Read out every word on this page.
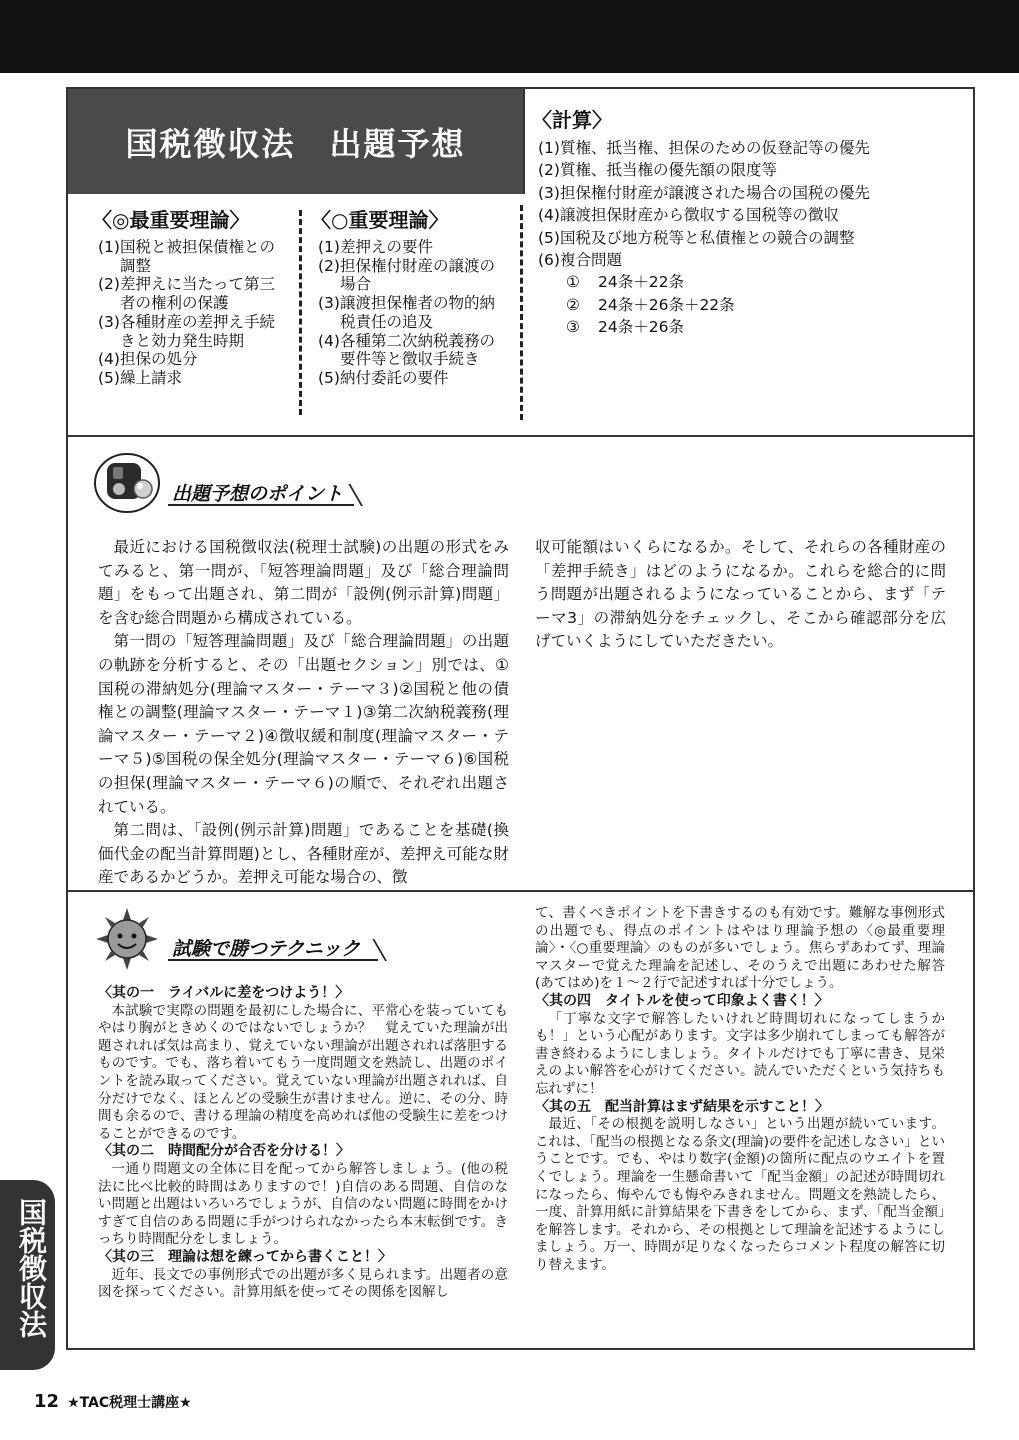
国税徴収法　出題予想
〈◎最重要理論〉
(1) 国税と被担保債権との調整
(2) 差押えに当たって第三者の権利の保護
(3) 各種財産の差押え手続きと効力発生時期
(4) 担保の処分
(5) 繰上請求
〈○重要理論〉
(1) 差押えの要件
(2) 担保権付財産の譲渡の場合
(3) 譲渡担保権者の物的納税責任の追及
(4) 各種第二次納税義務の要件等と徴収手続き
(5) 納付委託の要件
〈計算〉
(1)質権、抵当権、担保のための仮登記等の優先
(2)質権、抵当権の優先額の限度等
(3)担保権付財産が譲渡された場合の国税の優先
(4)譲渡担保財産から徴収する国税等の徴収
(5)国税及び地方税等と私債権との競合の調整
(6)複合問題
① 24条＋22条
② 24条＋26条＋22条
③ 24条＋26条
出題予想のポイント

最近における国税徴収法(税理士試験)の出題の形式をみてみると、第一問が、「短答理論問題」及び「総合理論問題」をもって出題され、第二問が「設例(例示計算)問題」を含む総合問題から構成されている。

第一問の「短答理論問題」及び「総合理論問題」の出題の軌跡を分析すると、その「出題セクション」別では、①国税の滞納処分(理論マスター・テーマ３)②国税と他の債権との調整(理論マスター・テーマ１)③第二次納税義務(理論マスター・テーマ２)④徴収緩和制度(理論マスター・テーマ５)⑤国税の保全処分(理論マスター・テーマ６)⑥国税の担保(理論マスター・テーマ６)の順で、それぞれ出題されている。

第二問は、「設例(例示計算)問題」であることを基礎(換価代金の配当計算問題)とし、各種財産が、差押え可能な財産であるかどうか。差押え可能な場合の、徴

収可能額はいくらになるか。そして、それらの各種財産の「差押手続き」はどのようになるか。これらを総合的に問う問題が出題されるようになっていることから、まず「テーマ3」の滞納処分をチェックし、そこから確認部分を広げていくようにしていただきたい。

試験で勝つテクニック

〈其の一　ライバルに差をつけよう！〉

本試験で実際の問題を最初にした場合に、平常心を装っていてもやはり胸がときめくのではないでしょうか？　覚えていた理論が出題されれば気は高まり、覚えていない理論が出題されれば落胆するものです。でも、落ち着いてもう一度問題文を熟読し、出題のポイントを読み取ってください。覚えていない理論が出題されれば、自分だけでなく、ほとんどの受験生が書けません。逆に、その分、時間も余るので、書ける理論の精度を高めれば他の受験生に差をつけることができるのです。

〈其の二　時間配分が合否を分ける！〉

一通り問題文の全体に目を配ってから解答しましょう。(他の税法に比べ比較的時間はありますので！)自信のある問題、自信のない問題と出題はいろいろでしょうが、自信のない問題に時間をかけすぎて自信のある問題に手がつけられなかったら本末転倒です。きっちり時間配分をしましょう。

〈其の三　理論は想を練ってから書くこと！〉

近年、長文での事例形式での出題が多く見られます。出題者の意図を探ってください。計算用紙を使ってその関係を図解し

て、書くべきポイントを下書きするのも有効です。難解な事例形式の出題でも、得点のポイントはやはり理論予想の〈◎最重要理論〉・〈○重要理論〉のものが多いでしょう。焦らずあわてず、理論マスターで覚えた理論を記述し、そのうえで出題にあわせた解答(あてはめ)を１～２行で記述すれば十分でしょう。

〈其の四　タイトルを使って印象よく書く！〉

「丁寧な文字で解答したいけれど時間切れになってしまうかも！」という心配があります。文字は多少崩れてしまっても解答が書き終わるようにしましょう。タイトルだけでも丁寧に書き、見栄えのよい解答を心がけてください。読んでいただくという気持ちも忘れずに！

〈其の五　配当計算はまず結果を示すこと！〉

最近、「その根拠を説明しなさい」という出題が続いています。これは、「配当の根拠となる条文(理論)の要件を記述しなさい」ということです。でも、やはり数字(金額)の箇所に配点のウエイトを置くでしょう。理論を一生懸命書いて「配当金額」の記述が時間切れになったら、悔やんでも悔やみきれません。問題文を熟読したら、一度、計算用紙に計算結果を下書きをしてから、まず、「配当金額」を解答します。それから、その根拠として理論を記述するようにしましょう。万一、時間が足りなくなったらコメント程度の解答に切り替えます。

国税徴収法
12 ★TAC税理士講座★
